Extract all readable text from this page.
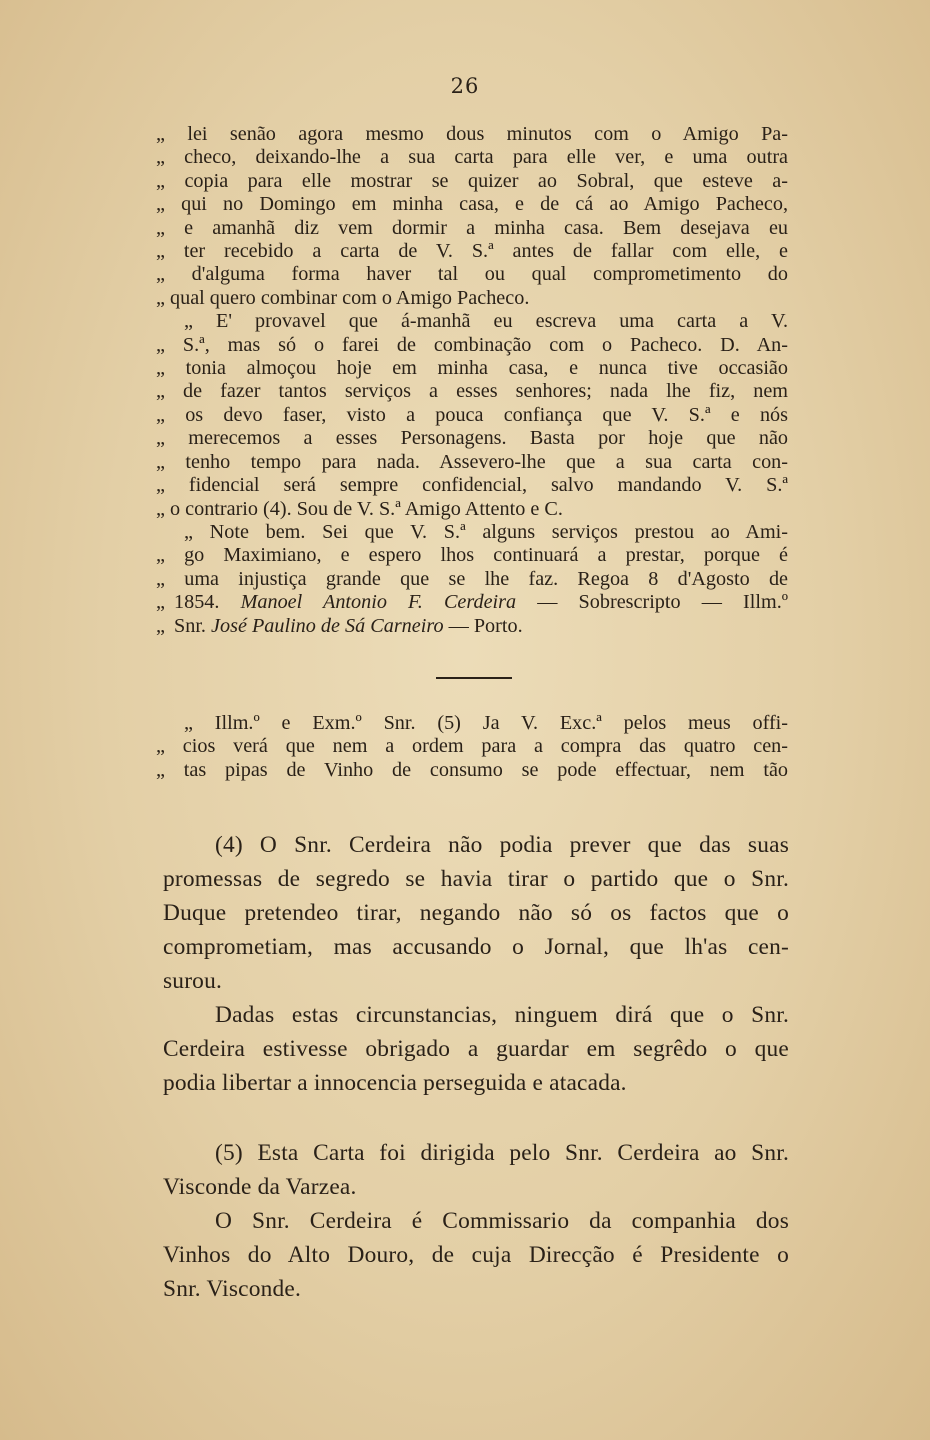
26
„ lei senão agora mesmo dous minutos com o Amigo Pa-
„ checo, deixando-lhe a sua carta para elle ver, e uma outra
„ copia para elle mostrar se quizer ao Sobral, que esteve a-
„ qui no Domingo em minha casa, e de cá ao Amigo Pacheco,
„ e amanhã diz vem dormir a minha casa. Bem desejava eu
„ ter recebido a carta de V. S.ª antes de fallar com elle, e
„ d'alguma forma haver tal ou qual comprometimento do
„ qual quero combinar com o Amigo Pacheco.
„ E' provavel que á-manhã eu escreva uma carta a V.
„ S.ª, mas só o farei de combinação com o Pacheco. D. An-
„ tonia almoçou hoje em minha casa, e nunca tive occasião
„ de fazer tantos serviços a esses senhores; nada lhe fiz, nem
„ os devo faser, visto a pouca confiança que V. S.ª e nós
„ merecemos a esses Personagens. Basta por hoje que não
„ tenho tempo para nada. Assevero-lhe que a sua carta con-
„ fidencial será sempre confidencial, salvo mandando V. S.ª
„ o contrario (4). Sou de V. S.ª Amigo Attento e C.
„ Note bem. Sei que V. S.ª alguns serviços prestou ao Ami-
„ go Maximiano, e espero lhos continuará a prestar, porque é
„ uma injustiça grande que se lhe faz. Regoa 8 d'Agosto de
„ 1854. Manoel Antonio F. Cerdeira — Sobrescripto — Illm.º
„ Snr. José Paulino de Sá Carneiro — Porto.
„ Illm.º e Exm.º Snr. (5) Ja V. Exc.ª pelos meus offi-
„ cios verá que nem a ordem para a compra das quatro cen-
„ tas pipas de Vinho de consumo se pode effectuar, nem tão
(4) O Snr. Cerdeira não podia prever que das suas
promessas de segredo se havia tirar o partido que o Snr.
Duque pretendeo tirar, negando não só os factos que o
comprometiam, mas accusando o Jornal, que lh'as cen-
surou.
Dadas estas circunstancias, ninguem dirá que o Snr.
Cerdeira estivesse obrigado a guardar em segrêdo o que
podia libertar a innocencia perseguida e atacada.
(5) Esta Carta foi dirigida pelo Snr. Cerdeira ao Snr.
Visconde da Varzea.
O Snr. Cerdeira é Commissario da companhia dos
Vinhos do Alto Douro, de cuja Direcção é Presidente o
Snr. Visconde.
